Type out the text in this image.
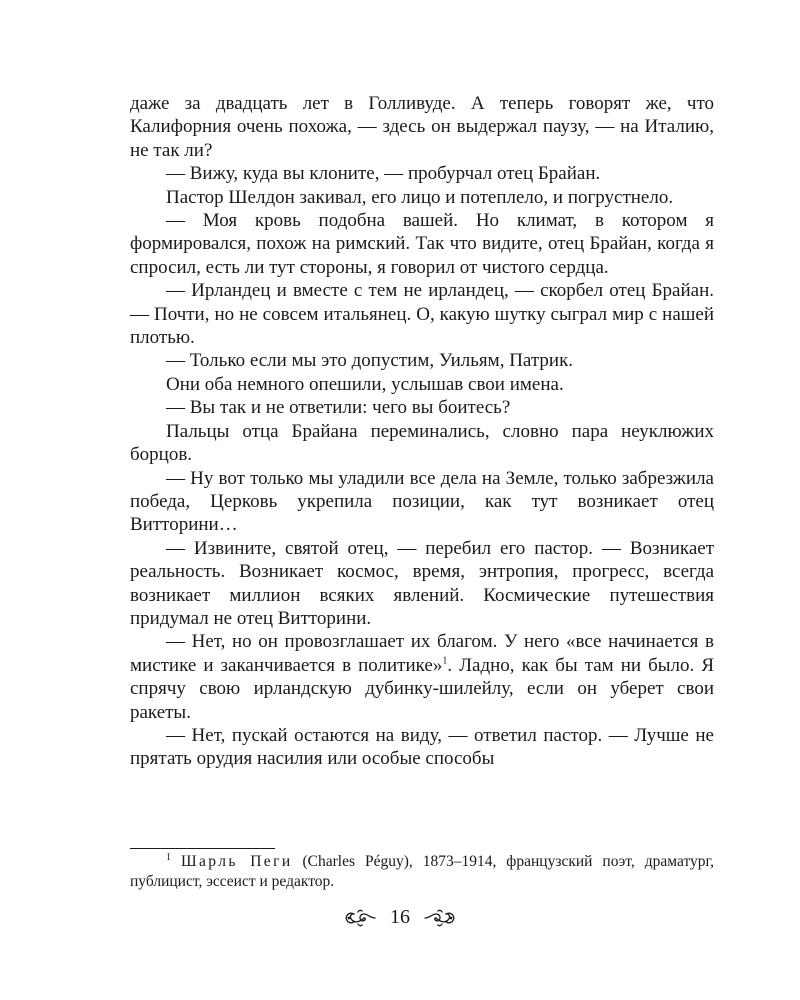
даже за двадцать лет в Голливуде. А теперь говорят же, что Калифорния очень похожа, — здесь он выдержал паузу, — на Италию, не так ли?

— Вижу, куда вы клоните, — пробурчал отец Брайан.

Пастор Шелдон закивал, его лицо и потеплело, и погрустнело.

— Моя кровь подобна вашей. Но климат, в котором я формировался, похож на римский. Так что видите, отец Брайан, когда я спросил, есть ли тут стороны, я говорил от чистого сердца.

— Ирландец и вместе с тем не ирландец, — скорбел отец Брайан. — Почти, но не совсем итальянец. О, какую шутку сыграл мир с нашей плотью.

— Только если мы это допустим, Уильям, Патрик.

Они оба немного опешили, услышав свои имена.

— Вы так и не ответили: чего вы боитесь?

Пальцы отца Брайана переминались, словно пара неуклюжих борцов.

— Ну вот только мы уладили все дела на Земле, только забрезжила победа, Церковь укрепила позиции, как тут возникает отец Витторини…

— Извините, святой отец, — перебил его пастор. — Возникает реальность. Возникает космос, время, энтропия, прогресс, всегда возникает миллион всяких явлений. Космические путешествия придумал не отец Витторини.

— Нет, но он провозглашает их благом. У него «все начинается в мистике и заканчивается в политике»$^1$. Ладно, как бы там ни было. Я спрячу свою ирландскую дубинку-шилейлу, если он уберет свои ракеты.

— Нет, пускай остаются на виду, — ответил пастор. — Лучше не прятать орудия насилия или особые способы

$^1$ Шарль Пеги (Charles Péguy), 1873–1914, французский поэт, драматург, публицист, эссеист и редактор.

16
